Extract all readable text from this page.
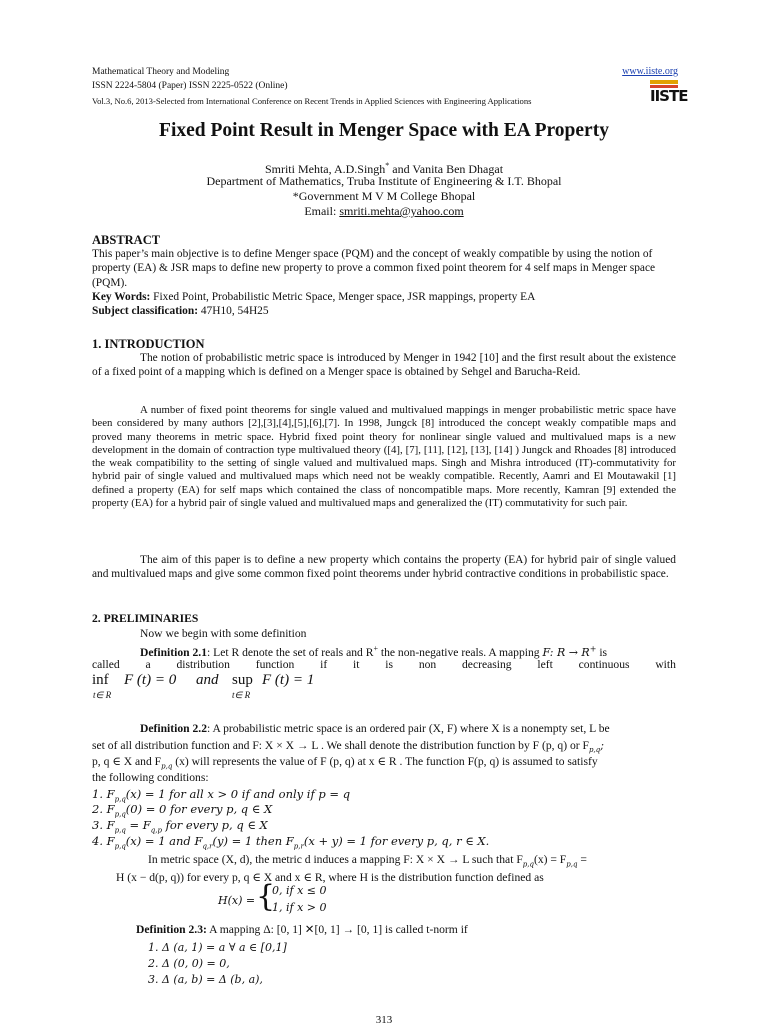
Mathematical Theory and Modeling
ISSN 2224-5804 (Paper) ISSN 2225-0522 (Online)
Vol.3, No.6, 2013-Selected from International Conference on Recent Trends in Applied Sciences with Engineering Applications
www.iiste.org
IISTE
Fixed Point Result in Menger Space with EA Property
Smriti Mehta, A.D.Singh* and Vanita Ben Dhagat
Department of Mathematics, Truba Institute of Engineering & I.T. Bhopal
*Government M V M College Bhopal
Email: smriti.mehta@yahoo.com
ABSTRACT
This paper’s main objective is to define Menger space (PQM) and the concept of weakly compatible by using the notion of property (EA) & JSR maps to define new property to prove a common fixed point theorem for 4 self maps in Menger space (PQM).
Key Words: Fixed Point, Probabilistic Metric Space, Menger space, JSR mappings, property EA
Subject classification: 47H10, 54H25
1. INTRODUCTION
The notion of probabilistic metric space is introduced by Menger in 1942 [10] and the first result about the existence of a fixed point of a mapping which is defined on a Menger space is obtained by Sehgel and Barucha-Reid.
A number of fixed point theorems for single valued and multivalued mappings in menger probabilistic metric space have been considered by many authors [2],[3],[4],[5],[6],[7]. In 1998, Jungck [8] introduced the concept weakly compatible maps and proved many theorems in metric space. Hybrid fixed point theory for nonlinear single valued and multivalued maps is a new development in the domain of contraction type multivalued theory ([4], [7], [11], [12], [13], [14] ) Jungck and Rhoades [8] introduced the weak compatibility to the setting of single valued and multivalued maps. Singh and Mishra introduced (IT)-commutativity for hybrid pair of single valued and multivalued maps which need not be weakly compatible. Recently, Aamri and El Moutawakil [1] defined a property (EA) for self maps which contained the class of noncompatible maps. More recently, Kamran [9] extended the property (EA) for a hybrid pair of single valued and multivalued maps and generalized the (IT) commutativity for such pair.
The aim of this paper is to define a new property which contains the property (EA) for hybrid pair of single valued and multivalued maps and give some common fixed point theorems under hybrid contractive conditions in probabilistic space.
2. PRELIMINARIES
Now we begin with some definition
Definition 2.1: Let R denote the set of reals and R+ the non-negative reals. A mapping F: R → R+ is
called a distribution function if it is non decreasing left continuous with
inf
t∈ R
F (t) = 0 and sup
t∈ R
F (t) = 1
Definition 2.2: A probabilistic metric space is an ordered pair (X, F) where X is a nonempty set, L be
set of all distribution function and F: X × X → L . We shall denote the distribution function by F (p, q) or $F_{p,q}$;
p, q ∈ X and $F_{p,q}$ (x) will represents the value of F (p, q) at x ∈ R . The function F(p, q) is assumed to satisfy
the following conditions:
1. $F_{p,q}(x) = 1$ for all x > 0 if and only if p = q
2. $F_{p,q}(0) = 0$ for every p, q ∈ X
3. $F_{p,q} = F_{q,p}$ for every p, q ∈ X
4. $F_{p,q}(x) = 1$ and $F_{q,r}(y) = 1$ then $F_{p,r}(x + y) = 1$ for every p, q, r ∈ X.
In metric space (X, d), the metric d induces a mapping F: X × X → L such that $F_{p,q}(x) = F_{p,q}$ =
H (x − d(p, q)) for every p, q ∈ X and x ∈ R, where H is the distribution function defined as
H(x) = {
0, if x ≤ 0
1, if x > 0
Definition 2.3: A mapping Δ: [0, 1] ✕[0, 1] → [0, 1] is called t-norm if
1. Δ (a, 1) = a ∀ a ∈ [0,1]
2. Δ (0, 0) = 0,
3. Δ (a, b) = Δ (b, a),
313
